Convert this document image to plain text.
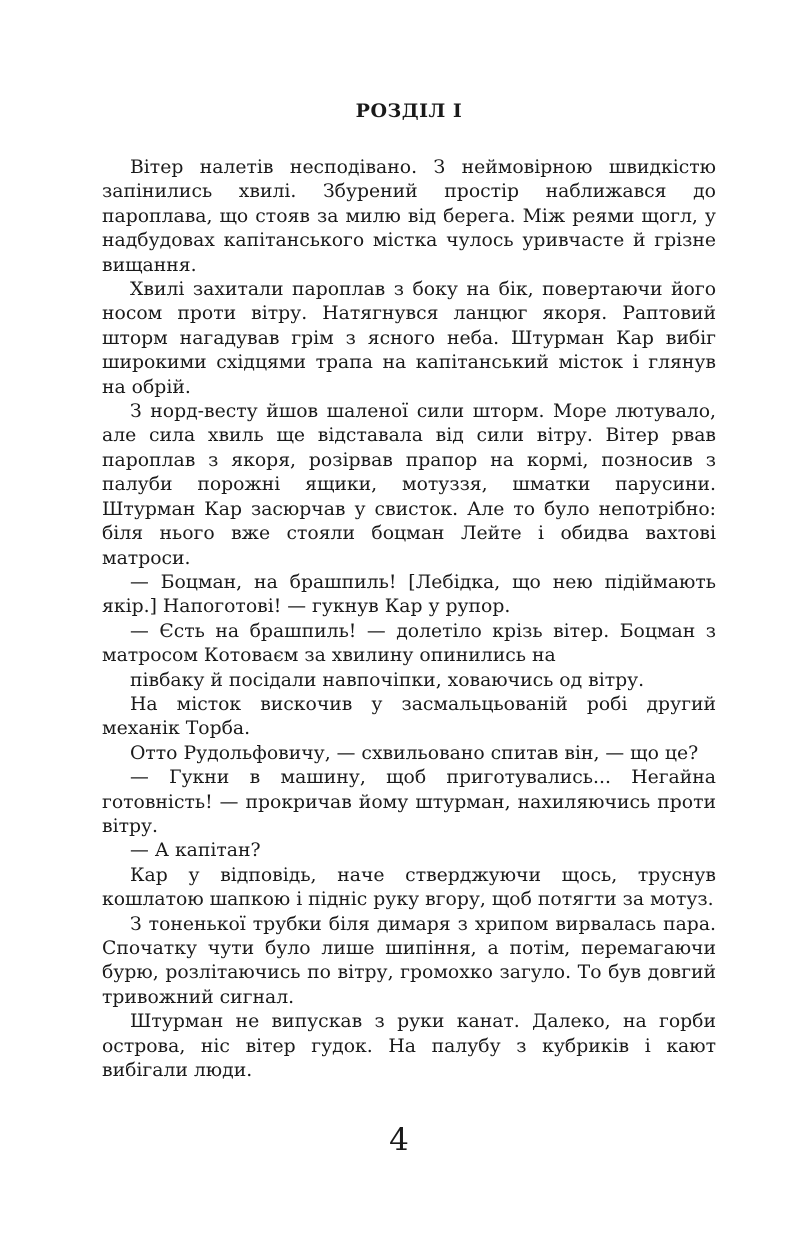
РОЗДІЛ І

Вітер налетів несподівано. З неймовірною швидкістю запінились хвилі. Збурений простір наближався до пароплава, що стояв за милю від берега. Між реями щогл, у надбудовах капітанського містка чулось уривчасте й грізне вищання.

Хвилі захитали пароплав з боку на бік, повертаючи його носом проти вітру. Натягнувся ланцюг якоря. Раптовий шторм нагадував грім з ясного неба. Штурман Кар вибіг широкими східцями трапа на капітанський місток і глянув на обрій.

З норд-весту йшов шаленої сили шторм. Море лютувало, але сила хвиль ще відставала від сили вітру. Вітер рвав пароплав з якоря, розірвав прапор на кормі, позносив з палуби порожні ящики, мотуззя, шматки парусини. Штурман Кар засюрчав у свисток. Але то було непотрібно: біля нього вже стояли боцман Лейте і обидва вахтові матроси.

— Боцман, на брашпиль! [Лебідка, що нею підіймають якір.] Напоготові! — гукнув Кар у рупор.

— Єсть на брашпиль! — долетіло крізь вітер. Боцман з матросом Котоваєм за хвилину опинились на

півбаку й посідали навпочіпки, ховаючись од вітру.

На місток вискочив у засмальцьованій робі другий механік Торба.

Отто Рудольфовичу, — схвильовано спитав він, — що це?

— Гукни в машину, щоб приготувались... Негайна готовність! — прокричав йому штурман, нахиляючись проти вітру.

— А капітан?

Кар у відповідь, наче стверджуючи щось, труснув кошлатою шапкою і підніс руку вгору, щоб потягти за мотуз.

З тоненької трубки біля димаря з хрипом вирвалась пара. Спочатку чути було лише шипіння, а потім, перемагаючи бурю, розлітаючись по вітру, громохко загуло. То був довгий тривожний сигнал.

Штурман не випускав з руки канат. Далеко, на горби острова, ніс вітер гудок. На палубу з кубриків і кают вибігали люди.

4
